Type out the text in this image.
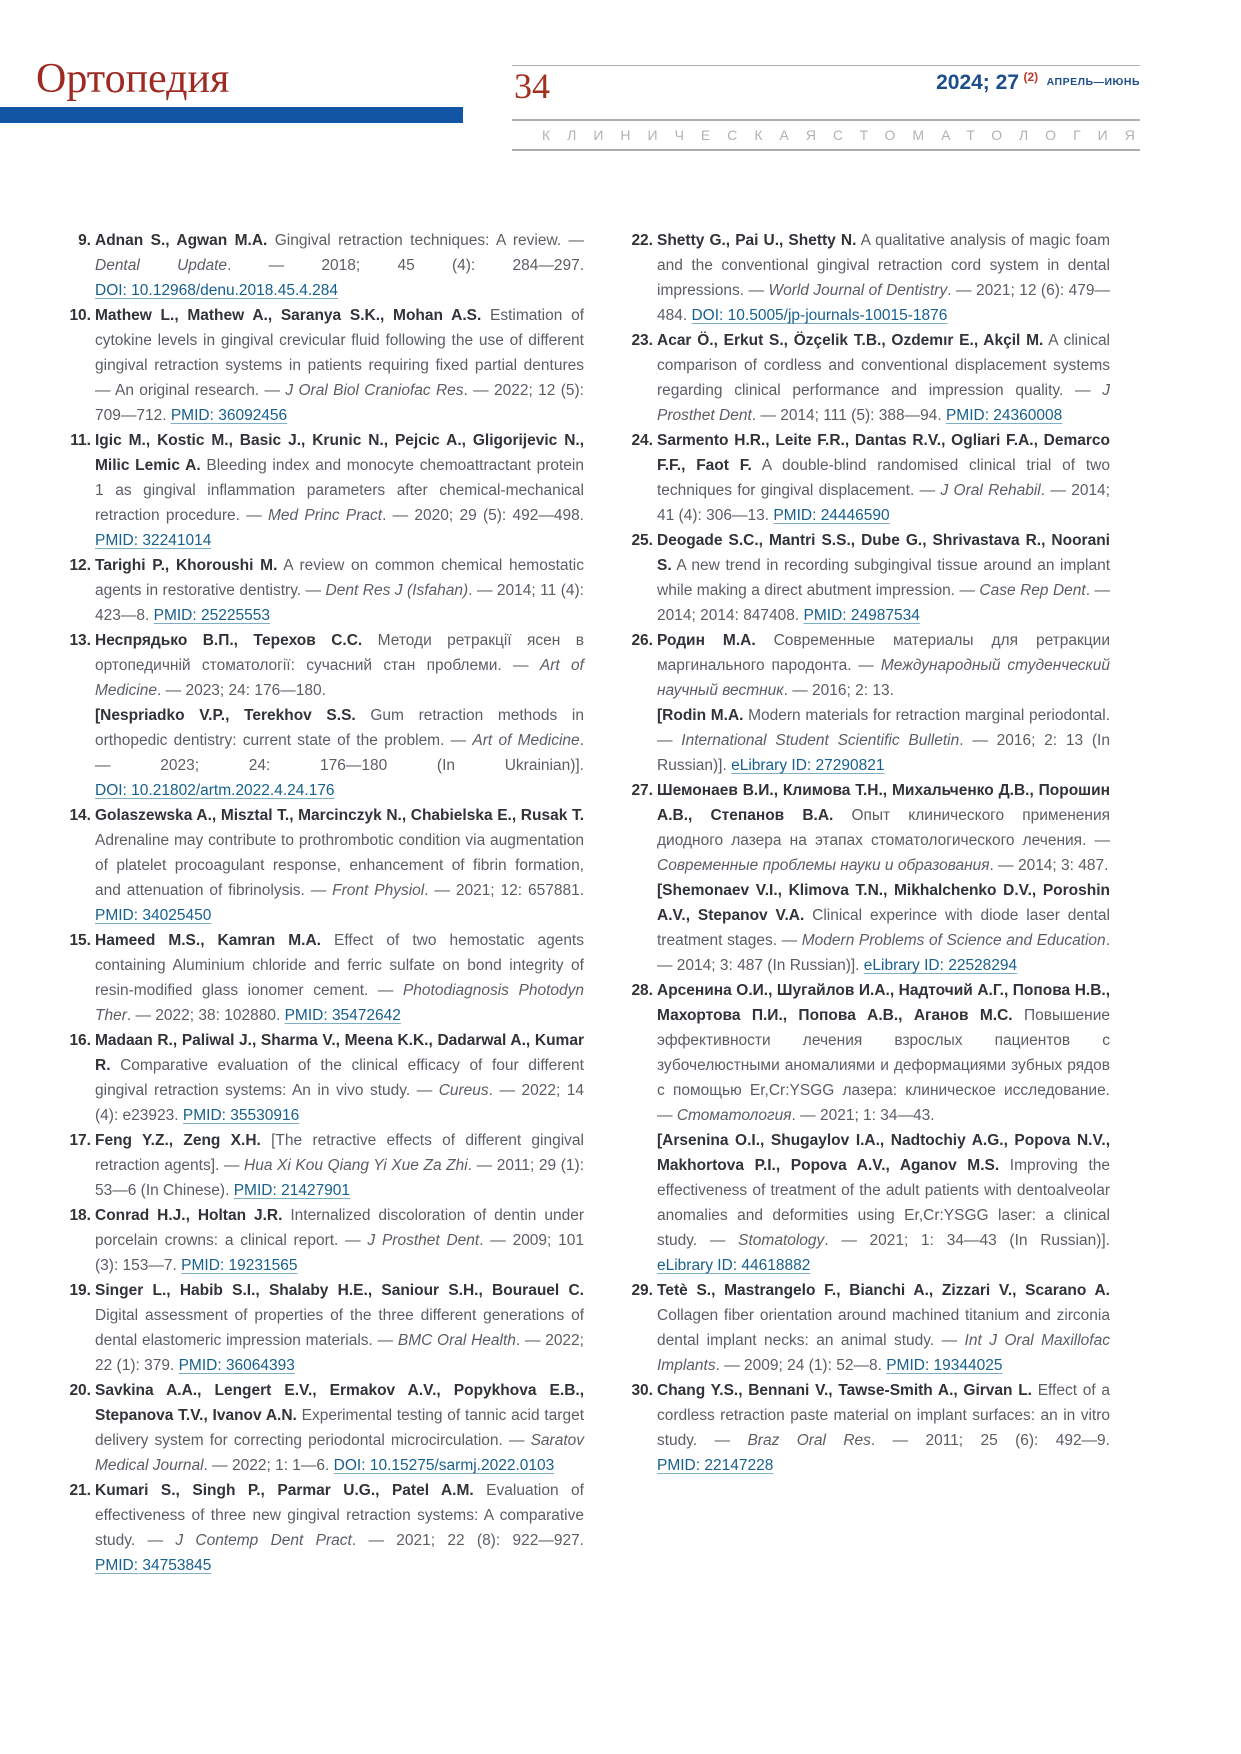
Ортопедия	34	2024; 27 $^{(2)}$ $^{АПРЕЛЬ—ИЮНЬ}$
КЛИНИЧЕСКАЯ СТОМАТОЛОГИЯ
9. Adnan S., Agwan M.A. Gingival retraction techniques: A review. — Dental Update. — 2018; 45 (4): 284—297. DOI: 10.12968/denu.2018.45.4.284
10. Mathew L., Mathew A., Saranya S.K., Mohan A.S. Estimation of cytokine levels in gingival crevicular fluid following the use of different gingival retraction systems in patients requiring fixed partial dentures — An original research. — J Oral Biol Craniofac Res. — 2022; 12 (5): 709—712. PMID: 36092456
11. Igic M., Kostic M., Basic J., Krunic N., Pejcic A., Gligorijevic N., Milic Lemic A. Bleeding index and monocyte chemoattractant protein 1 as gingival inflammation parameters after chemical-mechanical retraction procedure. — Med Princ Pract. — 2020; 29 (5): 492—498. PMID: 32241014
12. Tarighi P., Khoroushi M. A review on common chemical hemostatic agents in restorative dentistry. — Dent Res J (Isfahan). — 2014; 11 (4): 423—8. PMID: 25225553
13. Неспрядько В.П., Терехов С.С. Методи ретракції ясен в ортопедичній стоматології: сучасний стан проблеми. — Art of Medicine. — 2023; 24: 176—180.
[Nespriadko V.P., Terekhov S.S. Gum retraction methods in orthopedic dentistry: current state of the problem. — Art of Medicine. — 2023; 24: 176—180 (In Ukrainian)]. DOI: 10.21802/artm.2022.4.24.176
14. Golaszewska A., Misztal T., Marcinczyk N., Chabielska E., Rusak T. Adrenaline may contribute to prothrombotic condition via augmentation of platelet procoagulant response, enhancement of fibrin formation, and attenuation of fibrinolysis. — Front Physiol. — 2021; 12: 657881. PMID: 34025450
15. Hameed M.S., Kamran M.A. Effect of two hemostatic agents containing Aluminium chloride and ferric sulfate on bond integrity of resin-modified glass ionomer cement. — Photodiagnosis Photodyn Ther. — 2022; 38: 102880. PMID: 35472642
16. Madaan R., Paliwal J., Sharma V., Meena K.K., Dadarwal A., Kumar R. Comparative evaluation of the clinical efficacy of four different gingival retraction systems: An in vivo study. — Cureus. — 2022; 14 (4): e23923. PMID: 35530916
17. Feng Y.Z., Zeng X.H. [The retractive effects of different gingival retraction agents]. — Hua Xi Kou Qiang Yi Xue Za Zhi. — 2011; 29 (1): 53—6 (In Chinese). PMID: 21427901
18. Conrad H.J., Holtan J.R. Internalized discoloration of dentin under porcelain crowns: a clinical report. — J Prosthet Dent. — 2009; 101 (3): 153—7. PMID: 19231565
19. Singer L., Habib S.I., Shalaby H.E., Saniour S.H., Bourauel C. Digital assessment of properties of the three different generations of dental elastomeric impression materials. — BMC Oral Health. — 2022; 22 (1): 379. PMID: 36064393
20. Savkina A.A., Lengert E.V., Ermakov A.V., Popykhova E.B., Stepanova T.V., Ivanov A.N. Experimental testing of tannic acid target delivery system for correcting periodontal microcirculation. — Saratov Medical Journal. — 2022; 1: 1—6. DOI: 10.15275/sarmj.2022.0103
21. Kumari S., Singh P., Parmar U.G., Patel A.M. Evaluation of effectiveness of three new gingival retraction systems: A comparative study. — J Contemp Dent Pract. — 2021; 22 (8): 922—927. PMID: 34753845
22. Shetty G., Pai U., Shetty N. A qualitative analysis of magic foam and the conventional gingival retraction cord system in dental impressions. — World Journal of Dentistry. — 2021; 12 (6): 479—484. DOI: 10.5005/jp-journals-10015-1876
23. Acar Ö., Erkut S., Özçelik T.B., Ozdemır E., Akçil M. A clinical comparison of cordless and conventional displacement systems regarding clinical performance and impression quality. — J Prosthet Dent. — 2014; 111 (5): 388—94. PMID: 24360008
24. Sarmento H.R., Leite F.R., Dantas R.V., Ogliari F.A., Demarco F.F., Faot F. A double-blind randomised clinical trial of two techniques for gingival displacement. — J Oral Rehabil. — 2014; 41 (4): 306—13. PMID: 24446590
25. Deogade S.C., Mantri S.S., Dube G., Shrivastava R., Noorani S. A new trend in recording subgingival tissue around an implant while making a direct abutment impression. — Case Rep Dent. — 2014; 2014: 847408. PMID: 24987534
26. Родин М.А. Современные материалы для ретракции маргинального пародонта. — Международный студенческий научный вестник. — 2016; 2: 13.
[Rodin M.A. Modern materials for retraction marginal periodontal. — International Student Scientific Bulletin. — 2016; 2: 13 (In Russian)]. eLibrary ID: 27290821
27. Шемонаев В.И., Климова Т.Н., Михальченко Д.В., Порошин А.В., Степанов В.А. Опыт клинического применения диодного лазера на этапах стоматологического лечения. — Современные проблемы науки и образования. — 2014; 3: 487.
[Shemonaev V.I., Klimova T.N., Mikhalchenko D.V., Poroshin A.V., Stepanov V.A. Clinical experince with diode laser dental treatment stages. — Modern Problems of Science and Education. — 2014; 3: 487 (In Russian)]. eLibrary ID: 22528294
28. Арсенина О.И., Шугайлов И.А., Надточий А.Г., Попова Н.В., Махортова П.И., Попова А.В., Аганов М.С. Повышение эффективности лечения взрослых пациентов с зубочелюстными аномалиями и деформациями зубных рядов с помощью Er,Cr:YSGG лазера: клиническое исследование. — Стоматология. — 2021; 1: 34—43.
[Arsenina O.I., Shugaylov I.A., Nadtochiy A.G., Popova N.V., Makhortova P.I., Popova A.V., Aganov M.S. Improving the effectiveness of treatment of the adult patients with dentoalveolar anomalies and deformities using Er,Cr:YSGG laser: a clinical study. — Stomatology. — 2021; 1: 34—43 (In Russian)]. eLibrary ID: 44618882
29. Tetè S., Mastrangelo F., Bianchi A., Zizzari V., Scarano A. Collagen fiber orientation around machined titanium and zirconia dental implant necks: an animal study. — Int J Oral Maxillofac Implants. — 2009; 24 (1): 52—8. PMID: 19344025
30. Chang Y.S., Bennani V., Tawse-Smith A., Girvan L. Effect of a cordless retraction paste material on implant surfaces: an in vitro study. — Braz Oral Res. — 2011; 25 (6): 492—9. PMID: 22147228
